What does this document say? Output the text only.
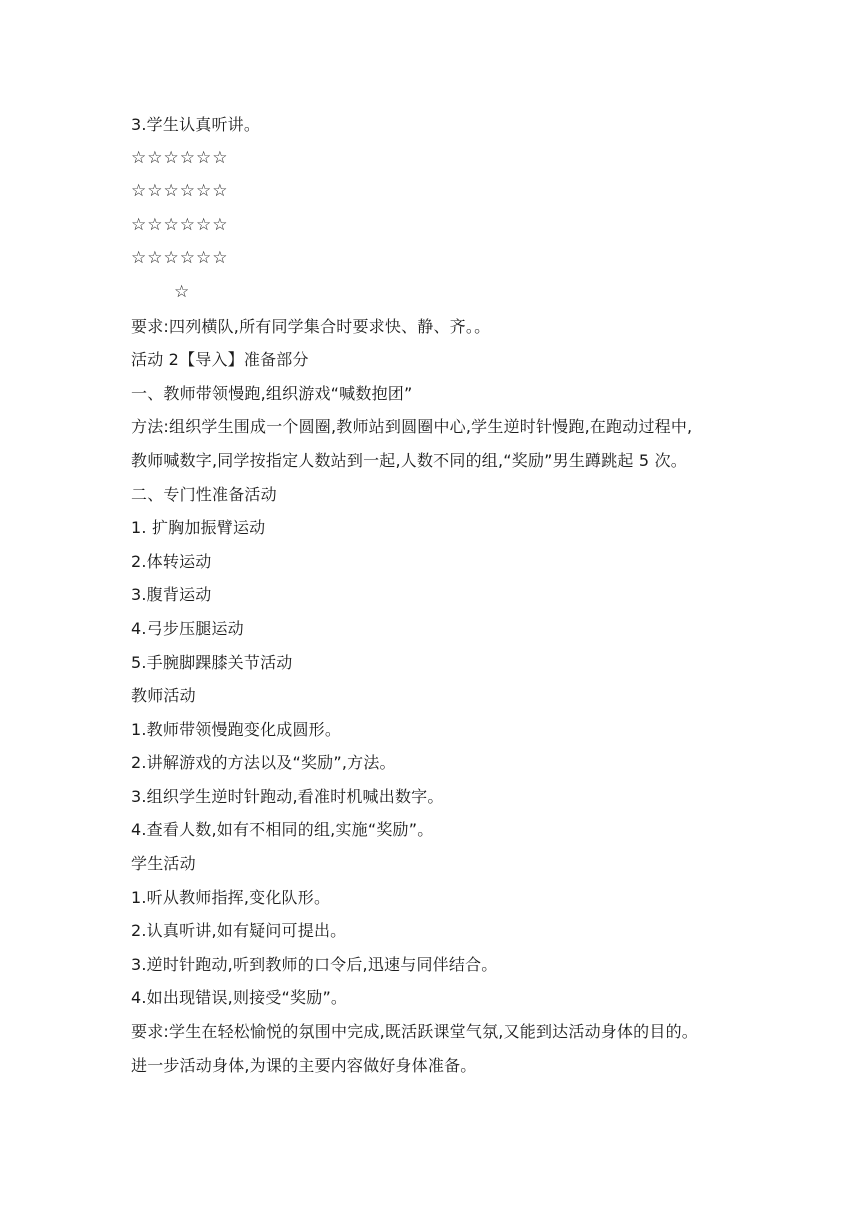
3.学生认真听讲。
☆☆☆☆☆☆
☆☆☆☆☆☆
☆☆☆☆☆☆
☆☆☆☆☆☆
☆
要求:四列横队,所有同学集合时要求快、静、齐。。
活动 2【导入】准备部分
一、教师带领慢跑,组织游戏“喊数抱团”
方法:组织学生围成一个圆圈,教师站到圆圈中心,学生逆时针慢跑,在跑动过程中,
教师喊数字,同学按指定人数站到一起,人数不同的组,“奖励”男生蹲跳起 5 次。
二、专门性准备活动
1. 扩胸加振臂运动
2.体转运动
3.腹背运动
4.弓步压腿运动
5.手腕脚踝膝关节活动
教师活动
1.教师带领慢跑变化成圆形。
2.讲解游戏的方法以及“奖励”,方法。
3.组织学生逆时针跑动,看准时机喊出数字。
4.查看人数,如有不相同的组,实施“奖励”。
学生活动
1.听从教师指挥,变化队形。
2.认真听讲,如有疑问可提出。
3.逆时针跑动,听到教师的口令后,迅速与同伴结合。
4.如出现错误,则接受“奖励”。
要求:学生在轻松愉悦的氛围中完成,既活跃课堂气氛,又能到达活动身体的目的。
进一步活动身体,为课的主要内容做好身体准备。
